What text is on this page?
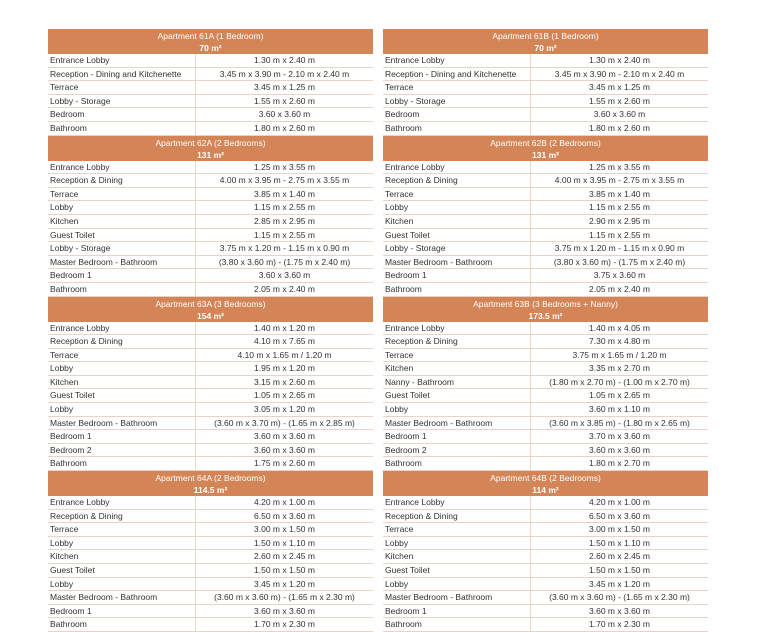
Apartment 61A (1 Bedroom)
70 m²
Entrance Lobby	1.30 m x 2.40 m
Reception - Dining and Kitchenette	3.45 m x 3.90 m - 2.10 m x 2.40 m
Terrace	3.45 m x 1.25 m
Lobby - Storage	1.55 m x 2.60 m
Bedroom	3.60 x 3.60 m
Bathroom	1.80 m x 2.60 m
Apartment 62A (2 Bedrooms)
131 m²
Entrance Lobby	1.25 m x 3.55 m
Reception & Dining	4.00 m x 3.95 m - 2.75 m x 3.55 m
Terrace	3.85 m x 1.40 m
Lobby	1.15 m x 2.55 m
Kitchen	2.85 m x 2.95 m
Guest Toilet	1.15 m x 2.55 m
Lobby - Storage	3.75 m x 1.20 m - 1.15 m x 0.90 m
Master Bedroom - Bathroom	(3.80 x 3.60 m) - (1.75 m x 2.40 m)
Bedroom 1	3.60 x 3.60 m
Bathroom	2.05 m x 2.40 m
Apartment 63A (3 Bedrooms)
154 m²
Entrance Lobby	1.40 m x 1.20 m
Reception & Dining	4.10 m x 7.65 m
Terrace	4.10 m x 1.65 m / 1.20 m
Lobby	1.95 m x 1.20 m
Kitchen	3.15 m x 2.60 m
Guest Toilet	1.05 m x 2.65 m
Lobby	3.05 m x 1.20 m
Master Bedroom - Bathroom	(3.60 m x 3.70 m) - (1.65 m x 2.85 m)
Bedroom 1	3.60 m x 3.60 m
Bedroom 2	3.60 m x 3.60 m
Bathroom	1.75 m x 2.60 m
Apartment 64A (2 Bedrooms)
114.5 m²
Entrance Lobby	4.20 m x 1.00 m
Reception & Dining	6.50 m x 3.60 m
Terrace	3.00 m x 1.50 m
Lobby	1.50 m x 1.10 m
Kitchen	2.60 m x 2.45 m
Guest Toilet	1.50 m x 1.50 m
Lobby	3.45 m x 1.20 m
Master Bedroom - Bathroom	(3.60 m x 3.60 m) - (1.65 m x 2.30 m)
Bedroom 1	3.60 m x 3.60 m
Bathroom	1.70 m x 2.30 m
Apartment 61B (1 Bedroom)
70 m²
Entrance Lobby	1.30 m x 2.40 m
Reception - Dining and Kitchenette	3.45 m x 3.90 m - 2.10 m x 2.40 m
Terrace	3.45 m x 1.25 m
Lobby - Storage	1.55 m x 2.60 m
Bedroom	3.60 x 3.60 m
Bathroom	1.80 m x 2.60 m
Apartment 62B (2 Bedrooms)
131 m²
Entrance Lobby	1.25 m x 3.55 m
Reception & Dining	4.00 m x 3.95 m - 2.75 m x 3.55 m
Terrace	3.85 m x 1.40 m
Lobby	1.15 m x 2.55 m
Kitchen	2.90 m x 2.95 m
Guest Toilet	1.15 m x 2.55 m
Lobby - Storage	3.75 m x 1.20 m - 1.15 m x 0.90 m
Master Bedroom - Bathroom	(3.80 x 3.60 m) - (1.75 m x 2.40 m)
Bedroom 1	3.75 x 3.60 m
Bathroom	2.05 m x 2.40 m
Apartment 63B (3 Bedrooms + Nanny)
173.5 m²
Entrance Lobby	1.40 m x 4.05 m
Reception & Dining	7.30 m x 4.80 m
Terrace	3.75 m x 1.65 m / 1.20 m
Kitchen	3.35 m x 2.70 m
Nanny - Bathroom	(1.80 m x 2.70 m) - (1.00 m x 2.70 m)
Guest Toilet	1.05 m x 2.65 m
Lobby	3.60 m x 1.10 m
Master Bedroom - Bathroom	(3.60 m x 3.85 m) - (1.80 m x 2.65 m)
Bedroom 1	3.70 m x 3.60 m
Bedroom 2	3.60 m x 3.60 m
Bathroom	1.80 m x 2.70 m
Apartment 64B (2 Bedrooms)
114 m²
Entrance Lobby	4.20 m x 1.00 m
Reception & Dining	6.50 m x 3.60 m
Terrace	3.00 m x 1.50 m
Lobby	1.50 m x 1.10 m
Kitchen	2.60 m x 2.45 m
Guest Toilet	1.50 m x 1.50 m
Lobby	3.45 m x 1.20 m
Master Bedroom - Bathroom	(3.60 m x 3.60 m) - (1.65 m x 2.30 m)
Bedroom 1	3.60 m x 3.60 m
Bathroom	1.70 m x 2.30 m
